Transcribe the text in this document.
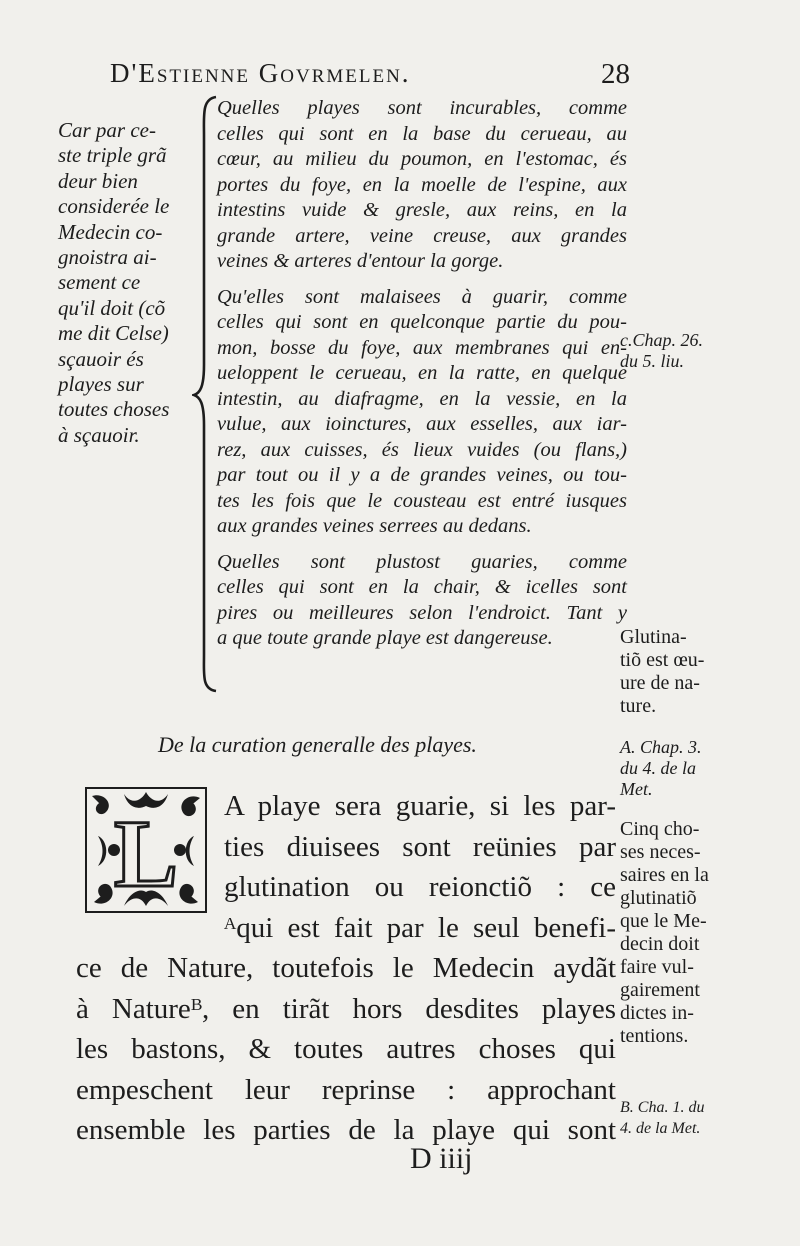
D'Estienne Govrmelen.	28
Car par ce-
ste triple grã
deur bien
considerée le
Medecin co-
gnoistra ai-
sement ce
qu'il doit (cõ
me dit Celse)
sçauoir és
playes sur
toutes choses
à sçauoir.
Quelles playes sont incurables, comme
celles qui sont en la base du cerueau, au
cœur, au milieu du poumon, en l'estomac, és
portes du foye, en la moelle de l'espine, aux
intestins vuide & gresle, aux reins, en la
grande artere, veine creuse, aux grandes
veines & arteres d'entour la gorge.
Qu'elles sont malaisees à guarir, comme
celles qui sont en quelconque partie du pou-
mon, bosse du foye, aux membranes qui en-
ueloppent le cerueau, en la ratte, en quelque
intestin, au diafragme, en la vessie, en la
vulue, aux ioinctures, aux esselles, aux iar-
rez, aux cuisses, és lieux vuides (ou flans,)
par tout ou il y a de grandes veines, ou tou-
tes les fois que le cousteau est entré iusques
aux grandes veines serrees au dedans.
Quelles sont plustost guaries, comme
celles qui sont en la chair, & icelles sont
pires ou meilleures selon l'endroict. Tant y
a que toute grande playe est dangereuse.
c.Chap. 26.
du 5. liu.
Glutina-
tiõ est œu-
ure de na-
ture.
A. Chap. 3.
du 4. de la
Met.
Cinq cho-
ses neces-
saires en la
glutinatiõ
que le Me-
decin doit
faire vul-
gairement
dictes in-
tentions.
B. Cha. 1. du
4. de la Met.
De la curation generalle des playes.
L	A playe sera guarie, si les par-
ties diuisees sont reünies par
glutination ou reionctiõ : ce
ᴬqui est fait par le seul benefi-
ce de Nature, toutefois le Medecin aydãt
à Natureᴮ, en tirãt hors desdites playes
les bastons, & toutes autres choses qui
empeschent leur reprinse : approchant
ensemble les parties de la playe qui sont
D iiij
